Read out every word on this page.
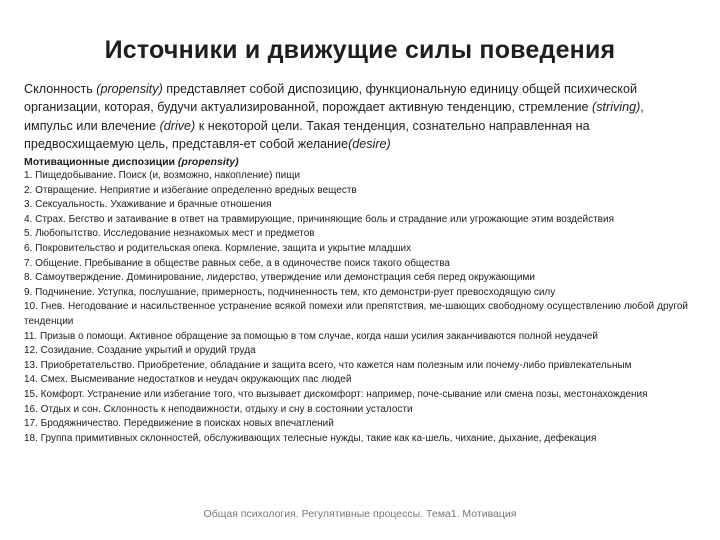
Источники и движущие силы поведения
Склонность (propensity) представляет собой диспозицию, функциональную единицу общей психической организации, которая, будучи актуализированной, порождает активную тенденцию, стремление (striving), импульс или влечение (drive) к некоторой цели. Такая тенденция, сознательно направленная на предвосхищаемую цель, представля-ет собой желание(desire)
Мотивационные диспозиции (propensity)
1. Пищедобывание. Поиск (и, возможно, накопление) пищи
2. Отвращение. Неприятие и избегание определенно вредных веществ
3. Сексуальность. Ухаживание и брачные отношения
4. Страх. Бегство и затаивание в ответ на травмирующие, причиняющие боль и страдание или угрожающие этим воздействия
5. Любопытство. Исследование незнакомых мест и предметов
6. Покровительство и родительская опека. Кормление, защита и укрытие младших
7. Общение. Пребывание в обществе равных себе, а в одиночестве поиск такого общества
8. Самоутверждение. Доминирование, лидерство, утверждение или демонстрация себя перед окружающими
9. Подчинение. Уступка, послушание, примерность, подчиненность тем, кто демонстри-рует превосходящую силу
10. Гнев. Негодование и насильственное устранение всякой помехи или препятствия, ме-шающих свободному осуществлению любой другой тенденции
11. Призыв о помощи. Активное обращение за помощью в том случае, когда наши усилия заканчиваются полной неудачей
12. Созидание. Создание укрытий и орудий труда
13. Приобретательство. Приобретение, обладание и защита всего, что кажется нам полезным или почему-либо привлекательным
14. Смех. Высмеивание недостатков и неудач окружающих пас людей
15. Комфорт. Устранение или избегание того, что вызывает дискомфорт: например, поче-сывание или смена позы, местонахождения
16. Отдых и сон. Склонность к неподвижности, отдыху и сну в состоянии усталости
17. Бродяжничество. Передвижение в поисках новых впечатлений
18. Группа примитивных склонностей, обслуживающих телесные нужды, такие как ка-шель, чихание, дыхание, дефекация
Общая психология. Регулятивные процессы. Тема1. Мотивация
